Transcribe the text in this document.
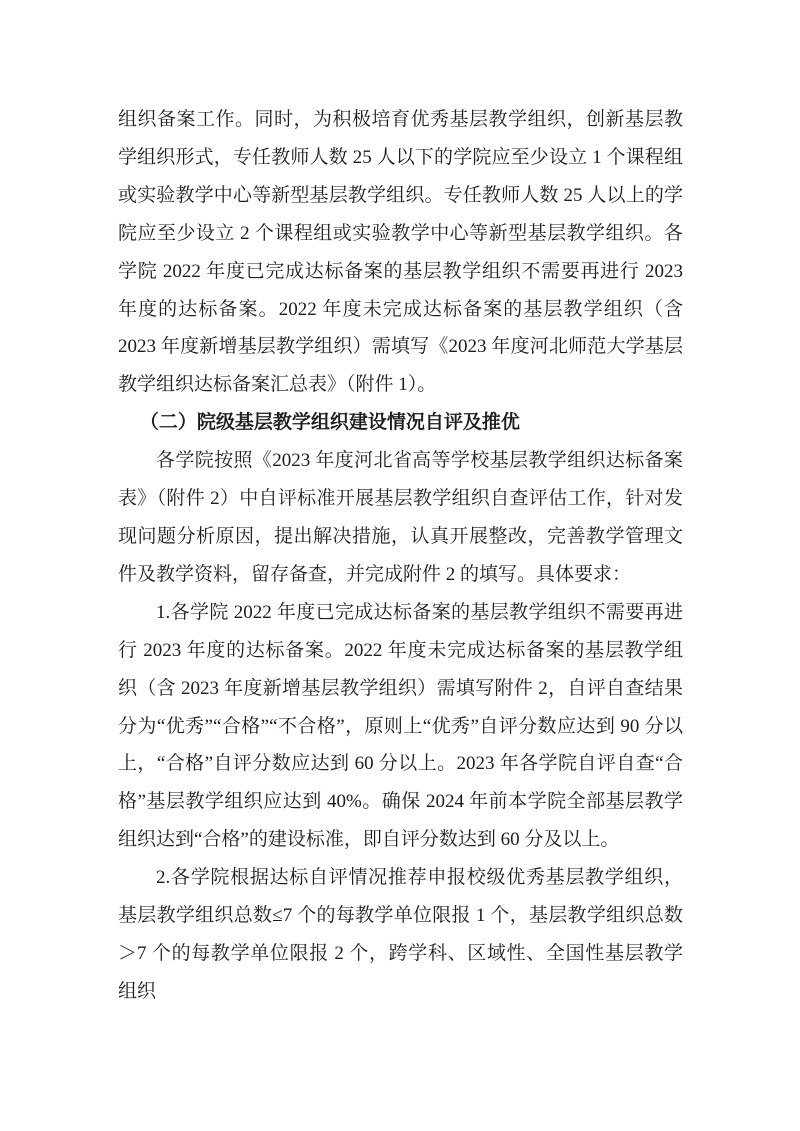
组织备案工作。同时，为积极培育优秀基层教学组织，创新基层教学组织形式，专任教师人数 25 人以下的学院应至少设立 1 个课程组或实验教学中心等新型基层教学组织。专任教师人数 25 人以上的学院应至少设立 2 个课程组或实验教学中心等新型基层教学组织。各学院 2022 年度已完成达标备案的基层教学组织不需要再进行 2023 年度的达标备案。2022 年度未完成达标备案的基层教学组织（含 2023 年度新增基层教学组织）需填写《2023 年度河北师范大学基层教学组织达标备案汇总表》（附件 1）。

（二）院级基层教学组织建设情况自评及推优

各学院按照《2023 年度河北省高等学校基层教学组织达标备案表》（附件 2）中自评标准开展基层教学组织自查评估工作，针对发现问题分析原因，提出解决措施，认真开展整改，完善教学管理文件及教学资料，留存备查，并完成附件 2 的填写。具体要求：

1.各学院 2022 年度已完成达标备案的基层教学组织不需要再进行 2023 年度的达标备案。2022 年度未完成达标备案的基层教学组织（含 2023 年度新增基层教学组织）需填写附件 2，自评自查结果分为“优秀”“合格”“不合格”，原则上“优秀”自评分数应达到 90 分以上，“合格”自评分数应达到 60 分以上。2023 年各学院自评自查“合格”基层教学组织应达到 40%。确保 2024 年前本学院全部基层教学组织达到“合格”的建设标准，即自评分数达到 60 分及以上。

2.各学院根据达标自评情况推荐申报校级优秀基层教学组织，基层教学组织总数≤7 个的每教学单位限报 1 个，基层教学组织总数＞7 个的每教学单位限报 2 个，跨学科、区域性、全国性基层教学组织
